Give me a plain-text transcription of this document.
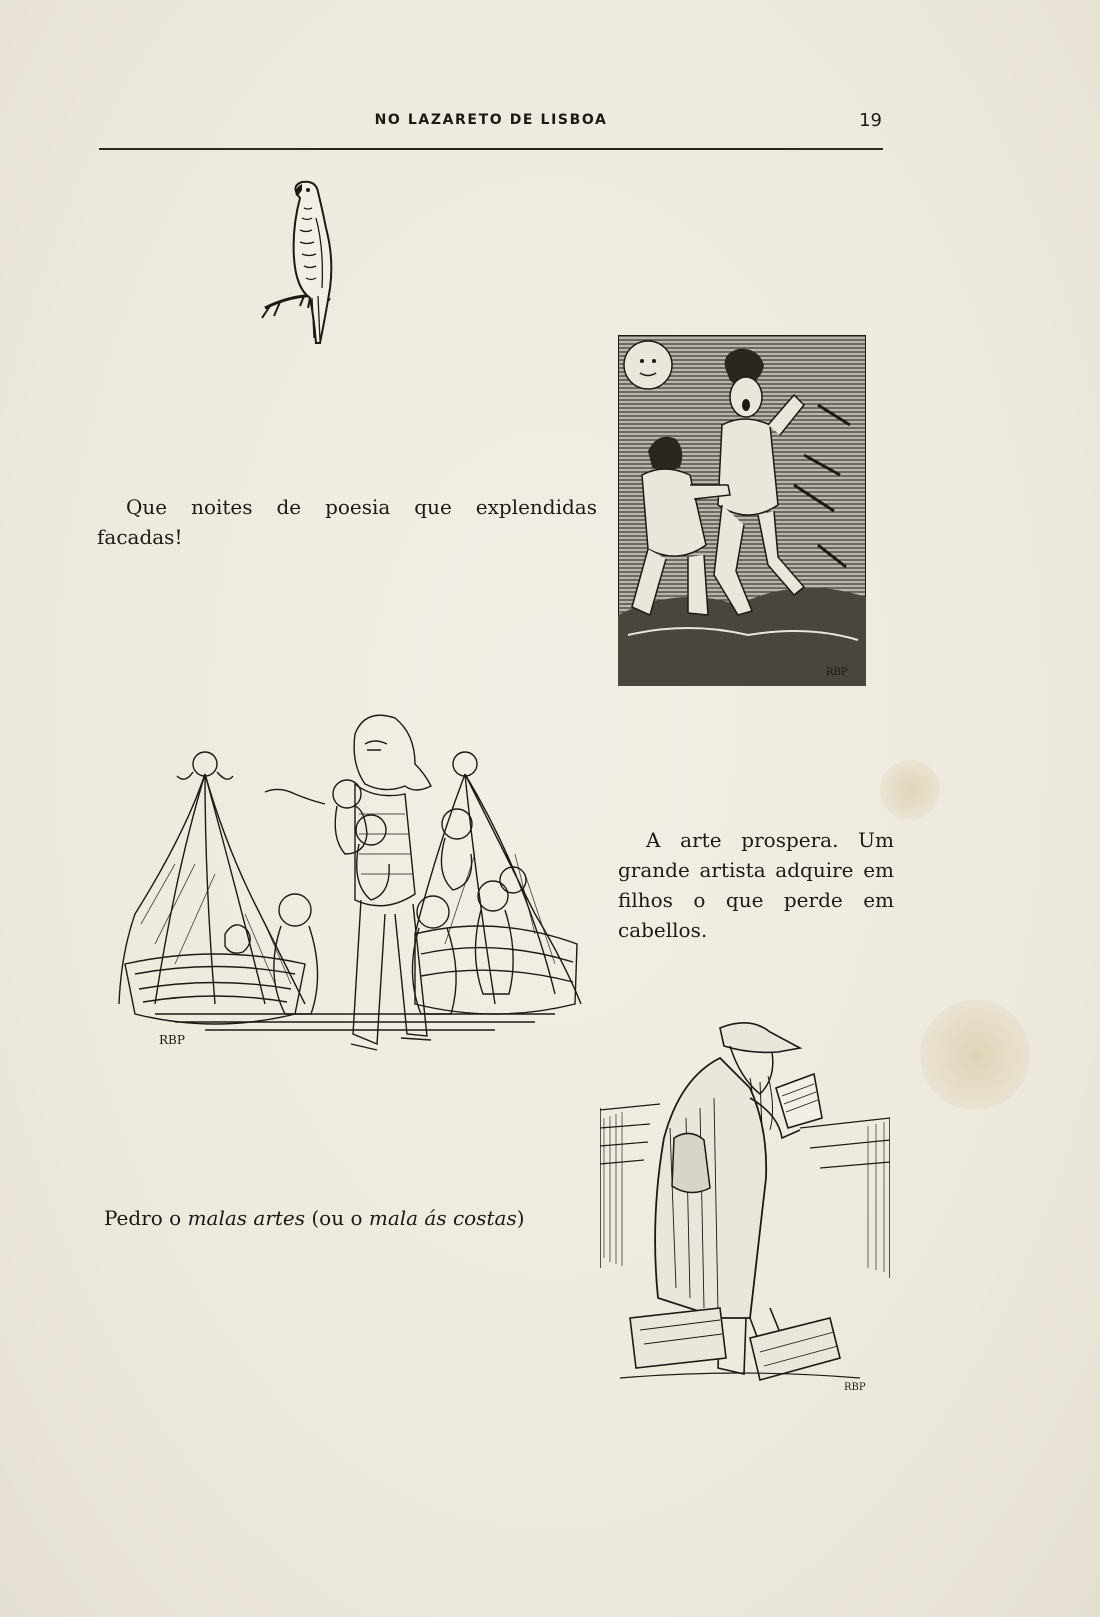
NO LAZARETO DE LISBOA	19

Que noites de poesia que explendidas facadas!

RBP
RBP

A arte prospera. Um grande artista adquire em filhos o que perde em cabellos.

Pedro o malas artes (ou o mala ás costas)

RBP
